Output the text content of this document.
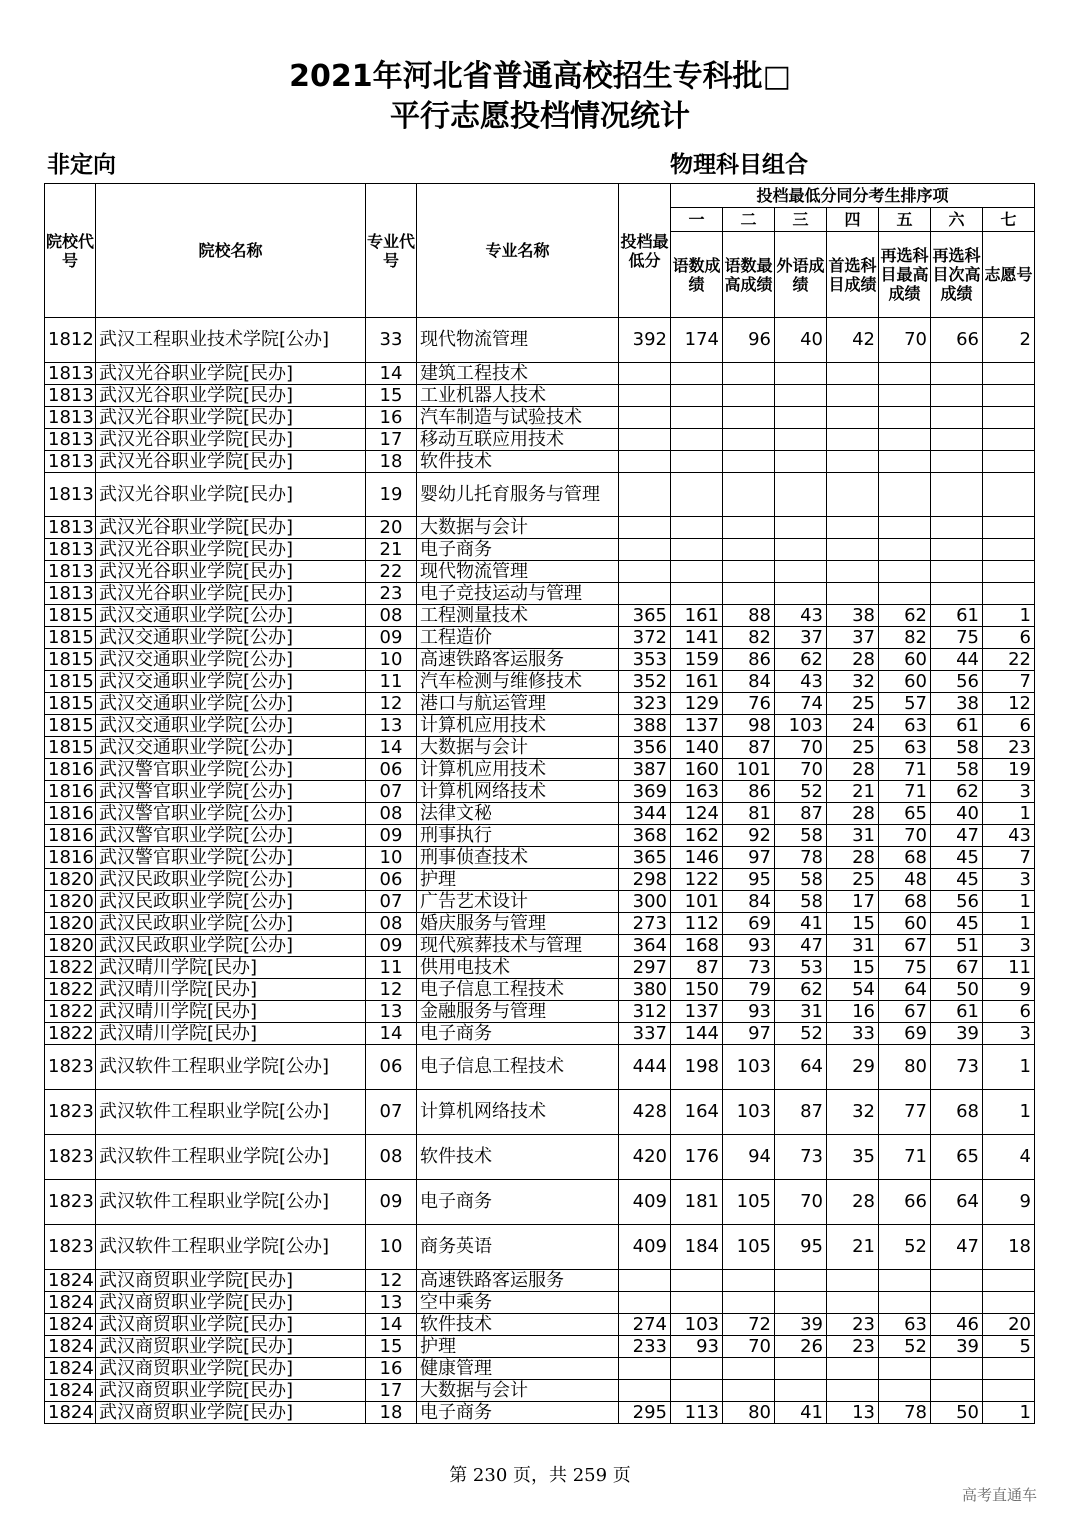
2021年河北省普通高校招生专科批□
平行志愿投档情况统计
非定向	物理科目组合
院校代号	院校名称	专业代号	专业名称	投档最低分	投档最低分同分考生排序项						
					一	二	三	四	五	六	七
					语数成绩	语数最高成绩	外语成绩	首选科目成绩	再选科目最高成绩	再选科目次高成绩	志愿号
1812	武汉工程职业技术学院[公办]	33	现代物流管理	392	174	96	40	42	70	66	2
1813	武汉光谷职业学院[民办]	14	建筑工程技术								
1813	武汉光谷职业学院[民办]	15	工业机器人技术								
1813	武汉光谷职业学院[民办]	16	汽车制造与试验技术								
1813	武汉光谷职业学院[民办]	17	移动互联应用技术								
1813	武汉光谷职业学院[民办]	18	软件技术								
1813	武汉光谷职业学院[民办]	19	婴幼儿托育服务与管理								
1813	武汉光谷职业学院[民办]	20	大数据与会计								
1813	武汉光谷职业学院[民办]	21	电子商务								
1813	武汉光谷职业学院[民办]	22	现代物流管理								
1813	武汉光谷职业学院[民办]	23	电子竞技运动与管理								
1815	武汉交通职业学院[公办]	08	工程测量技术	365	161	88	43	38	62	61	1
1815	武汉交通职业学院[公办]	09	工程造价	372	141	82	37	37	82	75	6
1815	武汉交通职业学院[公办]	10	高速铁路客运服务	353	159	86	62	28	60	44	22
1815	武汉交通职业学院[公办]	11	汽车检测与维修技术	352	161	84	43	32	60	56	7
1815	武汉交通职业学院[公办]	12	港口与航运管理	323	129	76	74	25	57	38	12
1815	武汉交通职业学院[公办]	13	计算机应用技术	388	137	98	103	24	63	61	6
1815	武汉交通职业学院[公办]	14	大数据与会计	356	140	87	70	25	63	58	23
1816	武汉警官职业学院[公办]	06	计算机应用技术	387	160	101	70	28	71	58	19
1816	武汉警官职业学院[公办]	07	计算机网络技术	369	163	86	52	21	71	62	3
1816	武汉警官职业学院[公办]	08	法律文秘	344	124	81	87	28	65	40	1
1816	武汉警官职业学院[公办]	09	刑事执行	368	162	92	58	31	70	47	43
1816	武汉警官职业学院[公办]	10	刑事侦查技术	365	146	97	78	28	68	45	7
1820	武汉民政职业学院[公办]	06	护理	298	122	95	58	25	48	45	3
1820	武汉民政职业学院[公办]	07	广告艺术设计	300	101	84	58	17	68	56	1
1820	武汉民政职业学院[公办]	08	婚庆服务与管理	273	112	69	41	15	60	45	1
1820	武汉民政职业学院[公办]	09	现代殡葬技术与管理	364	168	93	47	31	67	51	3
1822	武汉晴川学院[民办]	11	供用电技术	297	87	73	53	15	75	67	11
1822	武汉晴川学院[民办]	12	电子信息工程技术	380	150	79	62	54	64	50	9
1822	武汉晴川学院[民办]	13	金融服务与管理	312	137	93	31	16	67	61	6
1822	武汉晴川学院[民办]	14	电子商务	337	144	97	52	33	69	39	3
1823	武汉软件工程职业学院[公办]	06	电子信息工程技术	444	198	103	64	29	80	73	1
1823	武汉软件工程职业学院[公办]	07	计算机网络技术	428	164	103	87	32	77	68	1
1823	武汉软件工程职业学院[公办]	08	软件技术	420	176	94	73	35	71	65	4
1823	武汉软件工程职业学院[公办]	09	电子商务	409	181	105	70	28	66	64	9
1823	武汉软件工程职业学院[公办]	10	商务英语	409	184	105	95	21	52	47	18
1824	武汉商贸职业学院[民办]	12	高速铁路客运服务								
1824	武汉商贸职业学院[民办]	13	空中乘务								
1824	武汉商贸职业学院[民办]	14	软件技术	274	103	72	39	23	63	46	20
1824	武汉商贸职业学院[民办]	15	护理	233	93	70	26	23	52	39	5
1824	武汉商贸职业学院[民办]	16	健康管理								
1824	武汉商贸职业学院[民办]	17	大数据与会计								
1824	武汉商贸职业学院[民办]	18	电子商务	295	113	80	41	13	78	50	1
第 230 页，共 259 页
高考直通车
